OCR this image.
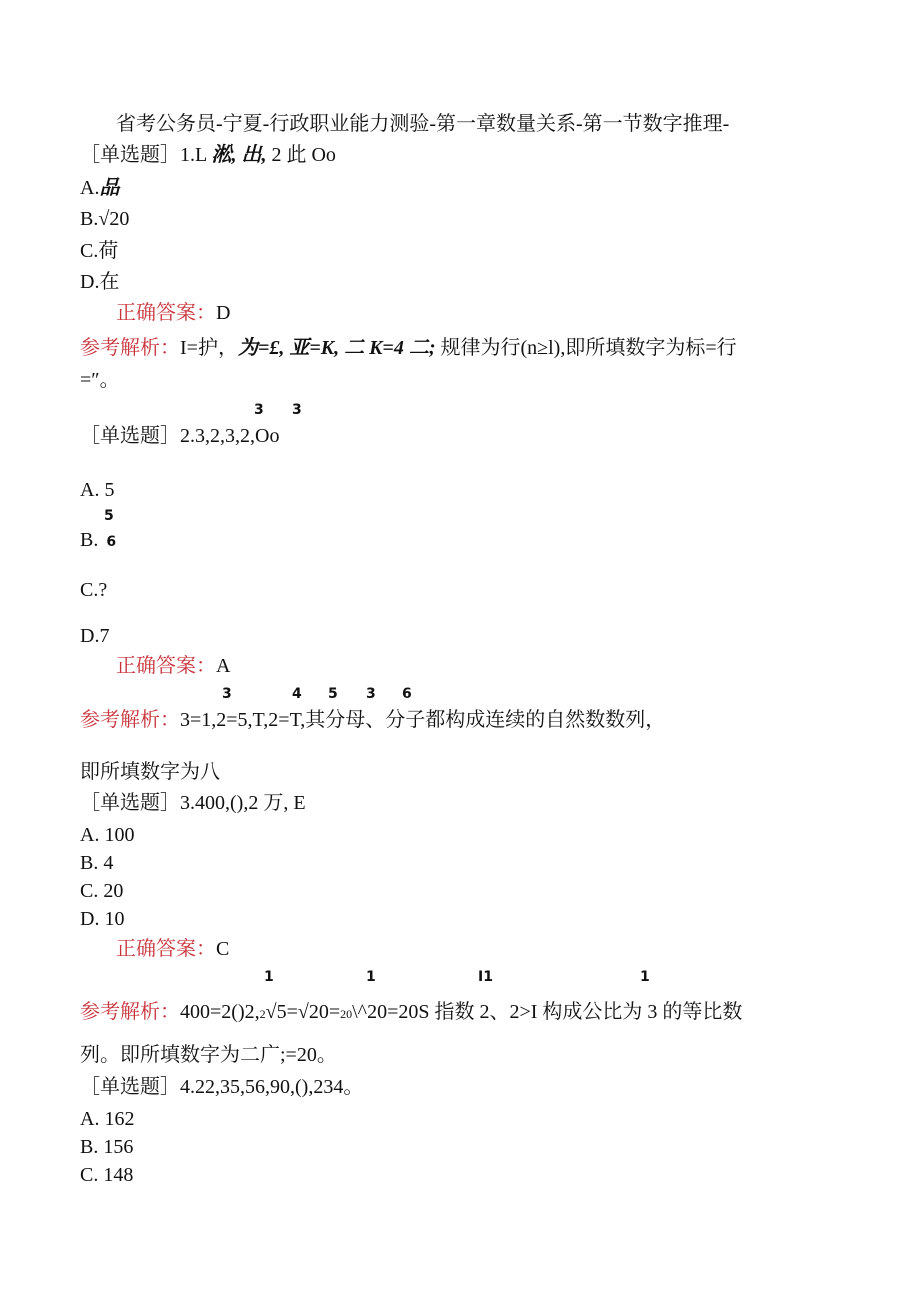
省考公务员-宁夏-行政职业能力测验-第一章数量关系-第一节数字推理-
［单选题］1.L 淞, 出, 2 此 Oo
A.品
B.√20
C.荷
D.在
正确答案：D
参考解析：I=护，为=£, 亚=K, 二 K=4 二; 规律为行(n≥l),即所填数字为标=行
=″。
3 3
［单选题］2.3,2,3,2,Oo
A. 5
5
B. 6
C.?
D.7
正确答案：A
3	4 5 3 6
参考解析：3=1,2=5,T,2=T,其分母、分子都构成连续的自然数数列，
即所填数字为八
［单选题］3.400,(),2 万, E
A. 100
B. 4
C. 20
D. 10
正确答案：C
1	1	I1	1
参考解析：400=2()2,2√5=√20=20\^20=20S 指数 2、2>I 构成公比为 3 的等比数
列。即所填数字为二广;=20。
［单选题］4.22,35,56,90,(),234。
A. 162
B. 156
C. 148
